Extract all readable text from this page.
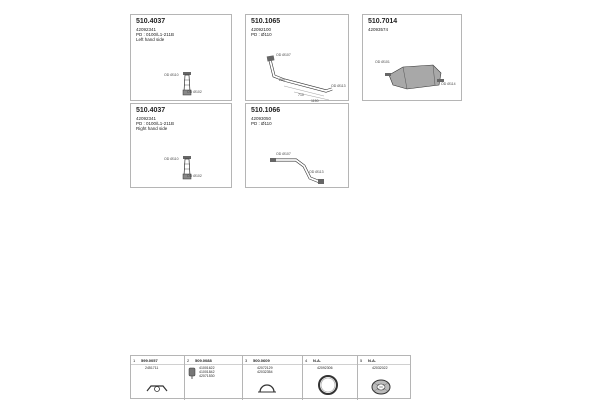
510.4037
42092341
PD : 0100/L1-211B
Left hand side
OD Ø110
OD Ø102
510.1065
42092100
PD : Ø110
OD Ø107
OD Ø113
260
710
1150
510.7014
42093574
OD Ø101
OD Ø114
510.4037
42092341
PD : 0100/L1-211B
Right hand side
OD Ø110
OD Ø102
510.1066
42093050
PD : Ø110
OD Ø107
OD Ø113
1 599.0057
2451711
2 509.0088
41001622
41001842
42071530
3 500.0609
42072129
42032354
4 N.A.
42092306
5 N.A.
42032022
